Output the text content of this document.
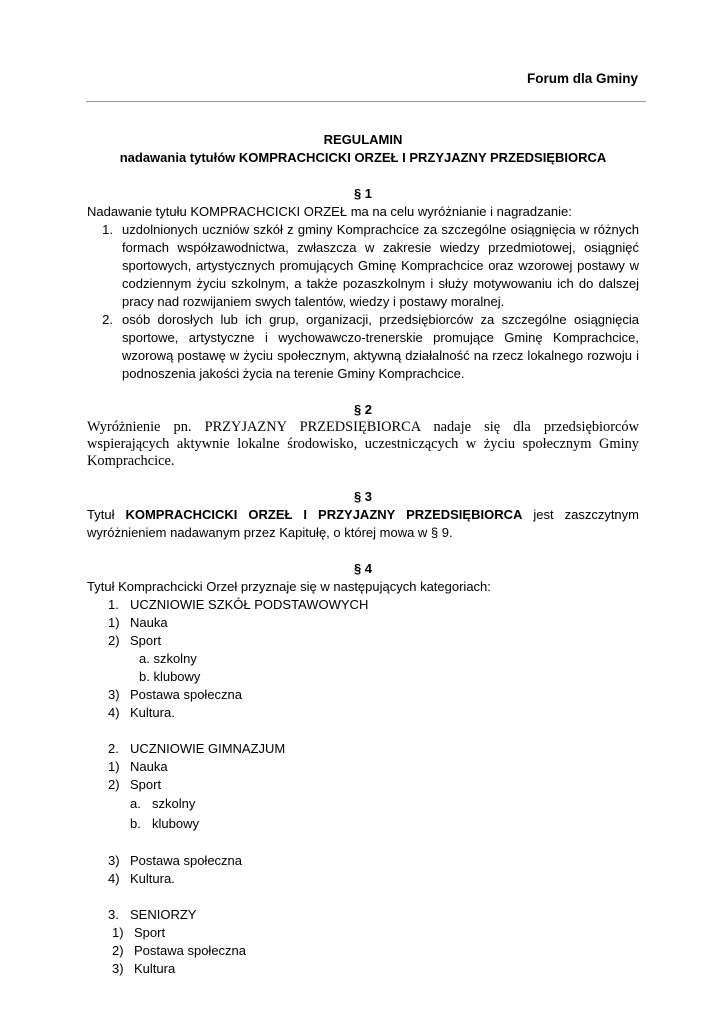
Forum dla Gminy
REGULAMIN
nadawania tytułów KOMPRACHCICKI ORZEŁ I PRZYJAZNY PRZEDSIĘBIORCA
§ 1
Nadawanie tytułu KOMPRACHCICKI ORZEŁ ma na celu wyróżnianie i nagradzanie:
1. uzdolnionych uczniów szkół z gminy Komprachcice za szczególne osiągnięcia w różnych formach współzawodnictwa, zwłaszcza w zakresie wiedzy przedmiotowej, osiągnięć sportowych, artystycznych promujących Gminę Komprachcice oraz wzorowej postawy w codziennym życiu szkolnym, a także pozaszkolnym i służy motywowaniu ich do dalszej pracy nad rozwijaniem swych talentów, wiedzy i postawy moralnej.
2. osób dorosłych lub ich grup, organizacji, przedsiębiorców za szczególne osiągnięcia sportowe, artystyczne i wychowawczo-trenerskie promujące Gminę Komprachcice, wzorową postawę w życiu społecznym, aktywną działalność na rzecz lokalnego rozwoju i podnoszenia jakości życia na terenie Gminy Komprachcice.
§ 2
Wyróżnienie pn. PRZYJAZNY PRZEDSIĘBIORCA nadaje się dla przedsiębiorców wspierających aktywnie lokalne środowisko, uczestniczących w życiu społecznym Gminy Komprachcice.
§ 3
Tytuł KOMPRACHCICKI ORZEŁ I PRZYJAZNY PRZEDSIĘBIORCA jest zaszczytnym wyróżnieniem nadawanym przez Kapitułę, o której mowa w § 9.
§ 4
Tytuł Komprachcicki Orzeł przyznaje się w następujących kategoriach:
1. UCZNIOWIE SZKÓŁ PODSTAWOWYCH
1) Nauka
2) Sport
a. szkolny
b. klubowy
3) Postawa społeczna
4) Kultura.
2. UCZNIOWIE GIMNAZJUM
1) Nauka
2) Sport
a. szkolny
b. klubowy
3) Postawa społeczna
4) Kultura.
3. SENIORZY
1) Sport
2) Postawa społeczna
3) Kultura
